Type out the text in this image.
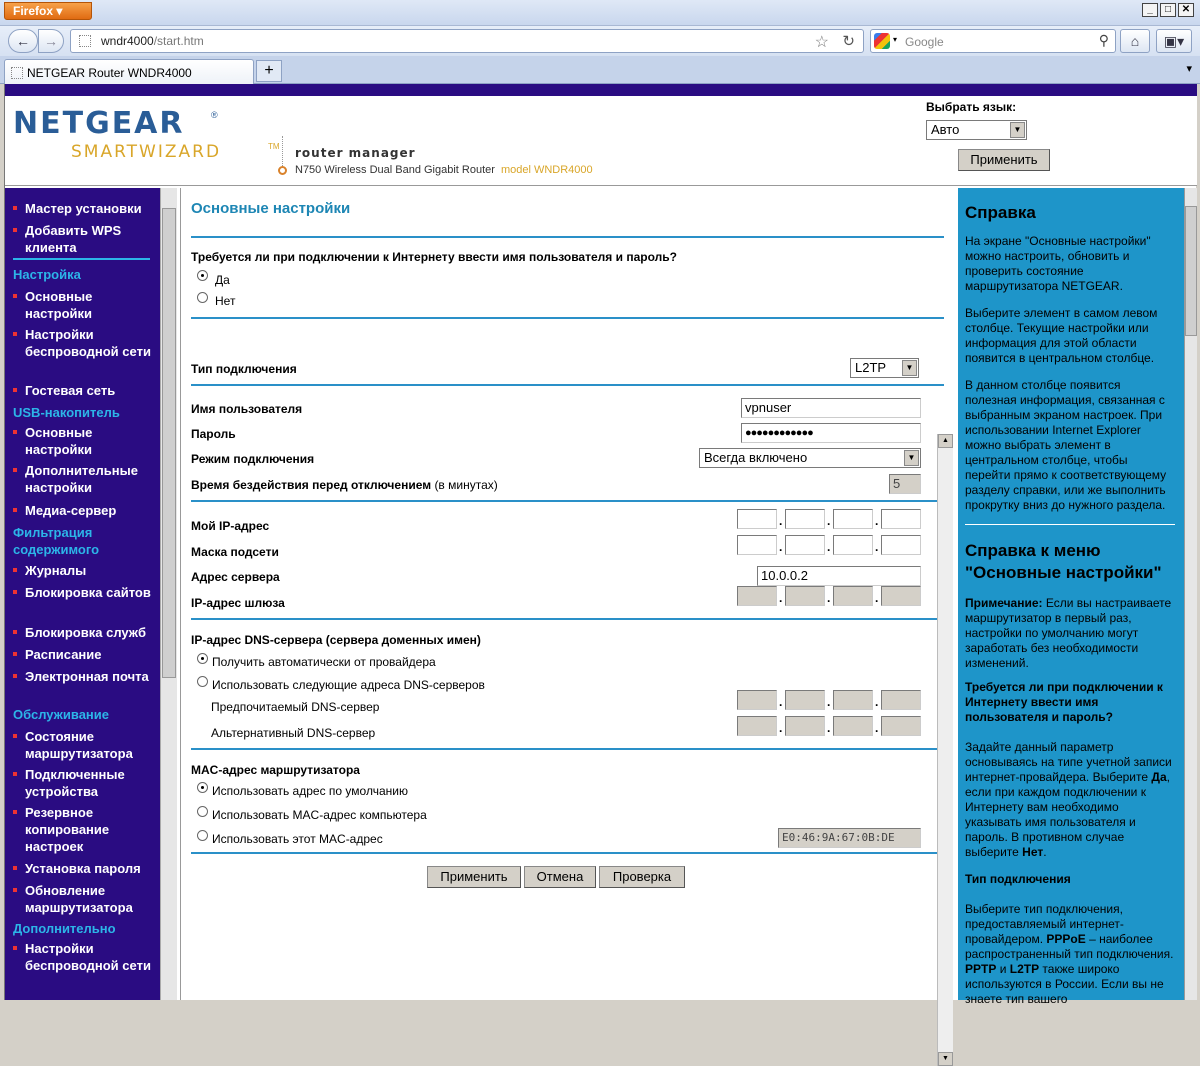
Firefox ▾	_	□	✕
←	→	wndr4000/start.htm	☆ ↻	▾ Google	⚲	⌂	▣▾
NETGEAR Router WNDR4000	+	▾
NETGEAR	®
SMARTWIZARD	TM router manager
N750 Wireless Dual Band Gigabit Router model WNDR4000
Выбрать язык:
Авто	▼
Применить
Мастер установки
Добавить WPS клиента
Настройка
Основные настройки
Настройки беспроводной сети
Гостевая сеть
USB-накопитель
Основные настройки
Дополнительные настройки
Медиа-сервер
Фильтрация содержимого
Журналы
Блокировка сайтов
Блокировка служб
Расписание
Электронная почта
Обслуживание
Состояние маршрутизатора
Подключенные устройства
Резервное копирование настроек
Установка пароля
Обновление маршрутизатора
Дополнительно
Настройки беспроводной сети
Основные настройки
Требуется ли при подключении к Интернету ввести имя пользователя и пароль?
Да
Нет
Тип подключения	L2TP	▼
Имя пользователя	vpnuser
Пароль	●●●●●●●●●●●●
Режим подключения	Всегда включено	▼
Время бездействия перед отключением (в минутах)	5
Мой IP-адрес	.	.	.
Маска подсети	.	.	.
Адрес сервера	10.0.0.2
IP-адрес шлюза	.	.	.
IP-адрес DNS-сервера (сервера доменных имен)
Получить автоматически от провайдера
Использовать следующие адреса DNS-серверов
Предпочитаемый DNS-сервер	.	.	.
Альтернативный DNS-сервер	.	.	.
MAC-адрес маршрутизатора
Использовать адрес по умолчанию
Использовать MAC-адрес компьютера
Использовать этот MAC-адрес	E0:46:9A:67:0B:DE
Применить	Отмена	Проверка
▲
▼
Справка
На экране "Основные настройки" можно настроить, обновить и проверить состояние маршрутизатора NETGEAR.
Выберите элемент в самом левом столбце. Текущие настройки или информация для этой области появится в центральном столбце.
В данном столбце появится полезная информация, связанная с выбранным экраном настроек. При использовании Internet Explorer можно выбрать элемент в центральном столбце, чтобы перейти прямо к соответствующему разделу справки, или же выполнить прокрутку вниз до нужного раздела.
Справка к меню "Основные настройки"
Примечание: Если вы настраиваете маршрутизатор в первый раз, настройки по умолчанию могут заработать без необходимости изменений.
Требуется ли при подключении к Интернету ввести имя пользователя и пароль?
Задайте данный параметр основываясь на типе учетной записи интернет-провайдера. Выберите Да, если при каждом подключении к Интернету вам необходимо указывать имя пользователя и пароль. В противном случае выберите Нет.
Тип подключения
Выберите тип подключения, предоставляемый интернет-провайдером. PPPoE – наиболее распространенный тип подключения. PPTP и L2TP также широко используются в России. Если вы не знаете тип вашего
